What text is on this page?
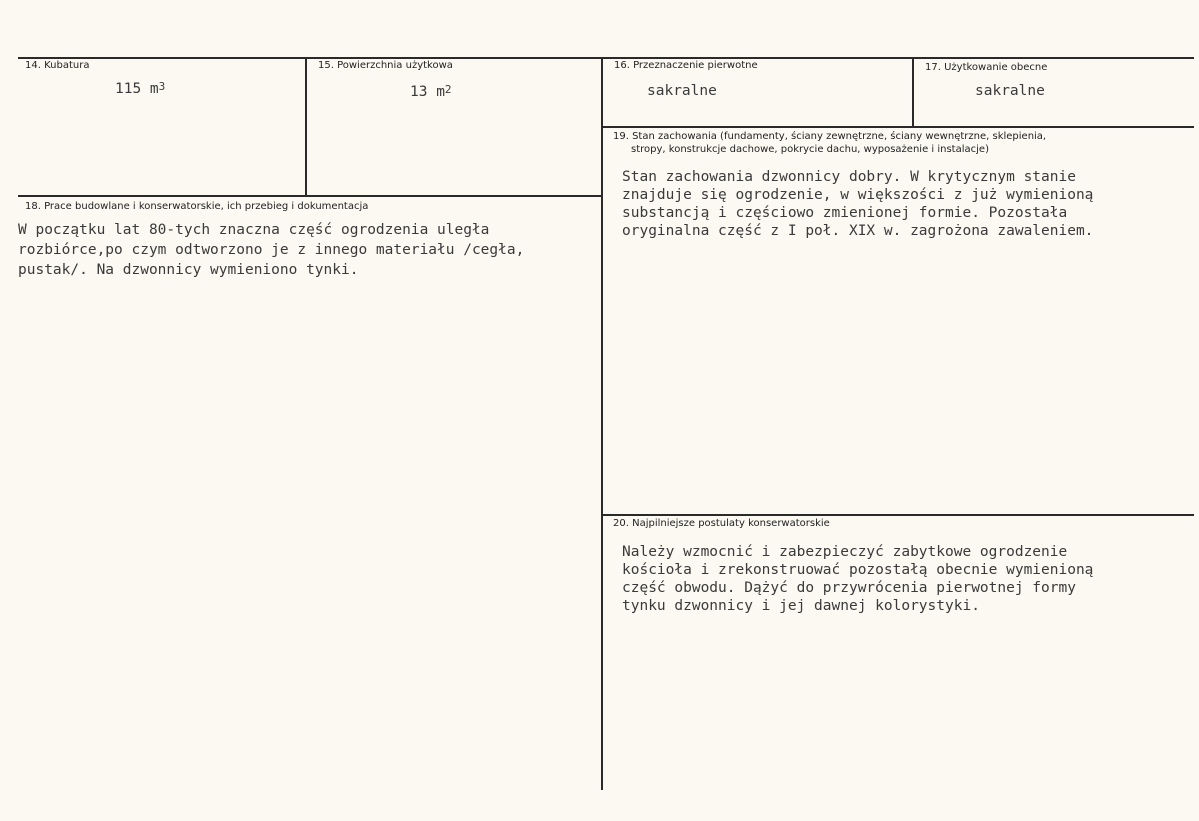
14. Kubatura
115 $m^3$
15. Powierzchnia użytkowa
13 $m^2$
16. Przeznaczenie pierwotne
sakralne
17. Użytkowanie obecne
sakralne
18. Prace budowlane i konserwatorskie, ich przebieg i dokumentacja
W początku lat 80-tych znaczna część ogrodzenia uległa
rozbiórce,po czym odtworzono je z innego materiału /cegła,
pustak/. Na dzwonnicy wymieniono tynki.
19. Stan zachowania (fundamenty, ściany zewnętrzne, ściany wewnętrzne, sklepienia,
stropy, konstrukcje dachowe, pokrycie dachu, wyposażenie i instalacje)
Stan zachowania dzwonnicy dobry. W krytycznym stanie
znajduje się ogrodzenie, w większości z już wymienioną
substancją i częściowo zmienionej formie. Pozostała
oryginalna część z I poł. XIX w. zagrożona zawaleniem.
20. Najpilniejsze postulaty konserwatorskie
Należy wzmocnić i zabezpieczyć zabytkowe ogrodzenie
kościoła i zrekonstruować pozostałą obecnie wymienioną
część obwodu. Dążyć do przywrócenia pierwotnej formy
tynku dzwonnicy i jej dawnej kolorystyki.
